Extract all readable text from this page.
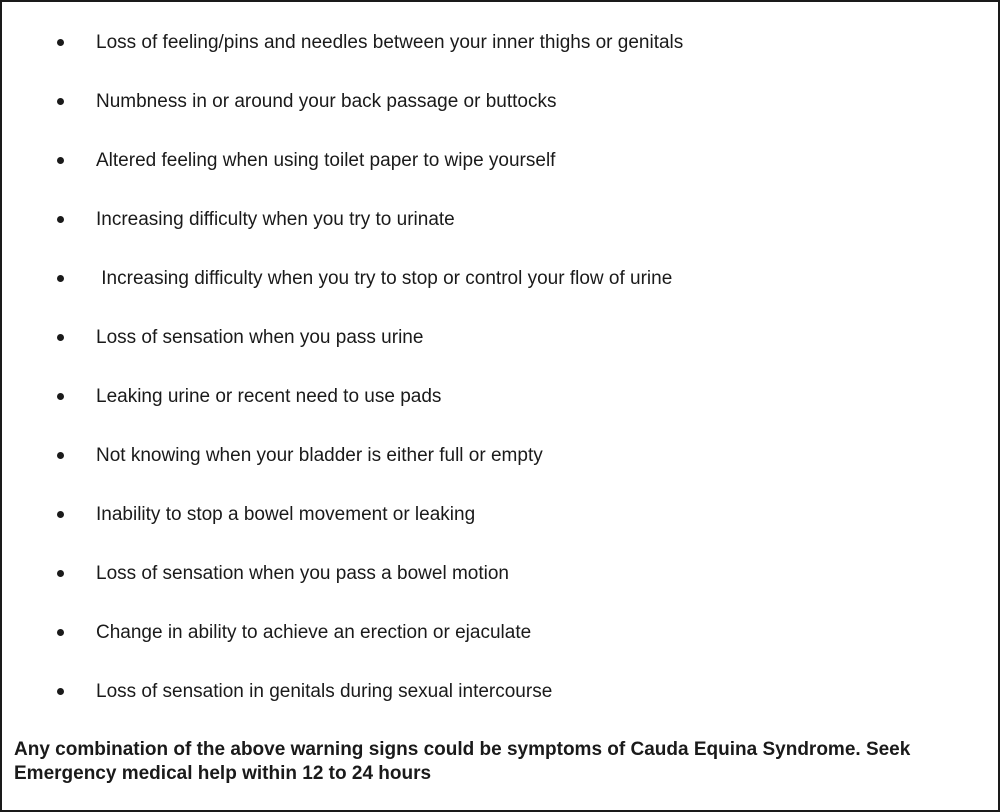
Loss of feeling/pins and needles between your inner thighs or genitals
Numbness in or around your back passage or buttocks
Altered feeling when using toilet paper to wipe yourself
Increasing difficulty when you try to urinate
Increasing difficulty when you try to stop or control your flow of urine
Loss of sensation when you pass urine
Leaking urine or recent need to use pads
Not knowing when your bladder is either full or empty
Inability to stop a bowel movement or leaking
Loss of sensation when you pass a bowel motion
Change in ability to achieve an erection or ejaculate
Loss of sensation in genitals during sexual intercourse

Any combination of the above warning signs could be symptoms of Cauda Equina Syndrome. Seek Emergency medical help within 12 to 24 hours
